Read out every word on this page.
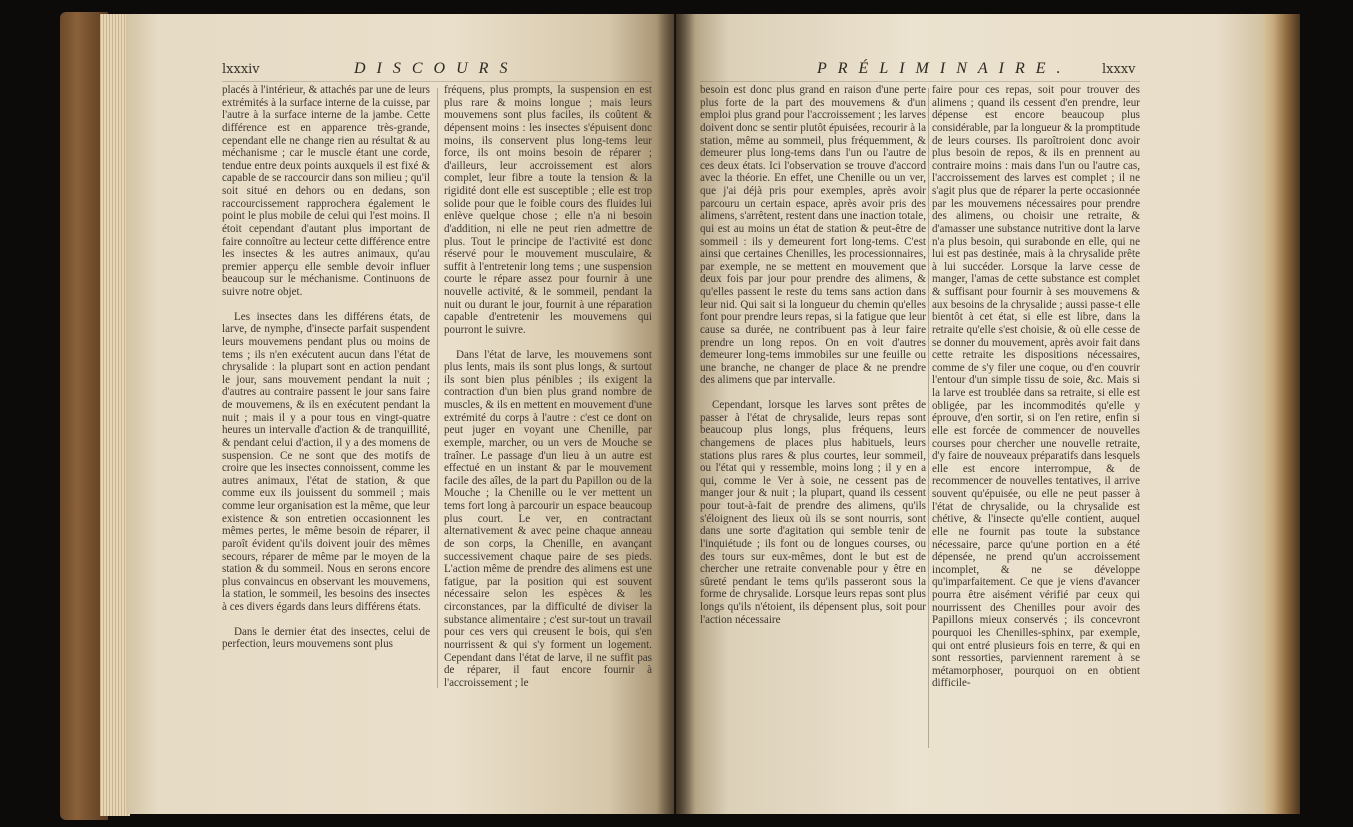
lxxxiv	DISCOURS	PRÉLIMINAIRE. lxxxv

placés à l'intérieur, & attachés par une de leurs extrémités à la surface interne de la cuisse, par l'autre à la surface interne de la jambe. Cette différence est en apparence très-grande, cependant elle ne change rien au résultat & au méchanisme ; car le muscle étant une corde, tendue entre deux points auxquels il est fixé & capable de se raccourcir dans son milieu ; qu'il soit situé en dehors ou en dedans, son raccourcissement rapprochera également le point le plus mobile de celui qui l'est moins. Il étoit cependant d'autant plus important de faire connoître au lecteur cette différence entre les insectes & les autres animaux, qu'au premier apperçu elle semble devoir influer beaucoup sur le méchanisme. Continuons de suivre notre objet.

Les insectes dans les différens états, de larve, de nymphe, d'insecte parfait suspendent leurs mouvemens pendant plus ou moins de tems ; ils n'en exécutent aucun dans l'état de chrysalide : la plupart sont en action pendant le jour, sans mouvement pendant la nuit ; d'autres au contraire passent le jour sans faire de mouvemens, & ils en exécutent pendant la nuit ; mais il y a pour tous en vingt-quatre heures un intervalle d'action & de tranquillité, & pendant celui d'action, il y a des momens de suspension. Ce ne sont que des motifs de croire que les insectes connoissent, comme les autres animaux, l'état de station, & que comme eux ils jouissent du sommeil ; mais comme leur organisation est la même, que leur existence & son entretien occasionnent les mêmes pertes, le même besoin de réparer, il paroît évident qu'ils doivent jouir des mêmes secours, réparer de même par le moyen de la station & du sommeil. Nous en serons encore plus convaincus en observant les mouvemens, la station, le sommeil, les besoins des insectes à ces divers égards dans leurs différens états.

Dans le dernier état des insectes, celui de perfection, leurs mouvemens sont plus

fréquens, plus prompts, la suspension en est plus rare & moins longue ; mais leurs mouvemens sont plus faciles, ils coûtent & dépensent moins : les insectes s'épuisent donc moins, ils conservent plus long-tems leur force, ils ont moins besoin de réparer ; d'ailleurs, leur accroissement est alors complet, leur fibre a toute la tension & la rigidité dont elle est susceptible ; elle est trop solide pour que le foible cours des fluides lui enlève quelque chose ; elle n'a ni besoin d'addition, ni elle ne peut rien admettre de plus. Tout le principe de l'activité est donc réservé pour le mouvement musculaire, & suffit à l'entretenir long tems ; une suspension courte le répare assez pour fournir à une nouvelle activité, & le sommeil, pendant la nuit ou durant le jour, fournit à une réparation capable d'entretenir les mouvemens qui pourront le suivre.

Dans l'état de larve, les mouvemens sont plus lents, mais ils sont plus longs, & surtout ils sont bien plus pénibles ; ils exigent la contraction d'un bien plus grand nombre de muscles, & ils en mettent en mouvement d'une extrémité du corps à l'autre : c'est ce dont on peut juger en voyant une Chenille, par exemple, marcher, ou un vers de Mouche se traîner. Le passage d'un lieu à un autre est effectué en un instant & par le mouvement facile des aîles, de la part du Papillon ou de la Mouche ; la Chenille ou le ver mettent un tems fort long à parcourir un espace beaucoup plus court. Le ver, en contractant alternativement & avec peine chaque anneau de son corps, la Chenille, en avançant successivement chaque paire de ses pieds. L'action même de prendre des alimens est une fatigue, par la position qui est souvent nécessaire selon les espèces & les circonstances, par la difficulté de diviser la substance alimentaire ; c'est sur-tout un travail pour ces vers qui creusent le bois, qui s'en nourrissent & qui s'y forment un logement. Cependant dans l'état de larve, il ne suffit pas de réparer, il faut encore fournir à l'accroissement ; le

besoin est donc plus grand en raison d'une perte plus forte de la part des mouvemens & d'un emploi plus grand pour l'accroissement ; les larves doivent donc se sentir plutôt épuisées, recourir à la station, même au sommeil, plus fréquemment, & demeurer plus long-tems dans l'un ou l'autre de ces deux états. Ici l'observation se trouve d'accord avec la théorie. En effet, une Chenille ou un ver, que j'ai déjà pris pour exemples, après avoir parcouru un certain espace, après avoir pris des alimens, s'arrêtent, restent dans une inaction totale, qui est au moins un état de station & peut-être de sommeil : ils y demeurent fort long-tems. C'est ainsi que certaines Chenilles, les processionnaires, par exemple, ne se mettent en mouvement que deux fois par jour pour prendre des alimens, & qu'elles passent le reste du tems sans action dans leur nid. Qui sait si la longueur du chemin qu'elles font pour prendre leurs repas, si la fatigue que leur cause sa durée, ne contribuent pas à leur faire prendre un long repos. On en voit d'autres demeurer long-tems immobiles sur une feuille ou une branche, ne changer de place & ne prendre des alimens que par intervalle.

Cependant, lorsque les larves sont prêtes de passer à l'état de chrysalide, leurs repas sont beaucoup plus longs, plus fréquens, leurs changemens de places plus habituels, leurs stations plus rares & plus courtes, leur sommeil, ou l'état qui y ressemble, moins long ; il y en a qui, comme le Ver à soie, ne cessent pas de manger jour & nuit ; la plupart, quand ils cessent pour tout-à-fait de prendre des alimens, qu'ils s'éloignent des lieux où ils se sont nourris, sont dans une sorte d'agitation qui semble tenir de l'inquiétude ; ils font ou de longues courses, ou des tours sur eux-mêmes, dont le but est de chercher une retraite convenable pour y être en sûreté pendant le tems qu'ils passeront sous la forme de chrysalide. Lorsque leurs repas sont plus longs qu'ils n'étoient, ils dépensent plus, soit pour l'action nécessaire

faire pour ces repas, soit pour trouver des alimens ; quand ils cessent d'en prendre, leur dépense est encore beaucoup plus considérable, par la longueur & la promptitude de leurs courses. Ils paroîtroient donc avoir plus besoin de repos, & ils en prennent au contraire moins : mais dans l'un ou l'autre cas, l'accroissement des larves est complet ; il ne s'agit plus que de réparer la perte occasionnée par les mouvemens nécessaires pour prendre des alimens, ou choisir une retraite, & d'amasser une substance nutritive dont la larve n'a plus besoin, qui surabonde en elle, qui ne lui est pas destinée, mais à la chrysalide prête à lui succéder. Lorsque la larve cesse de manger, l'amas de cette substance est complet & suffisant pour fournir à ses mouvemens & aux besoins de la chrysalide ; aussi passe-t elle bientôt à cet état, si elle est libre, dans la retraite qu'elle s'est choisie, & où elle cesse de se donner du mouvement, après avoir fait dans cette retraite les dispositions nécessaires, comme de s'y filer une coque, ou d'en couvrir l'entour d'un simple tissu de soie, &c. Mais si la larve est troublée dans sa retraite, si elle est obligée, par les incommodités qu'elle y éprouve, d'en sortir, si on l'en retire, enfin si elle est forcée de commencer de nouvelles courses pour chercher une nouvelle retraite, d'y faire de nouveaux préparatifs dans lesquels elle est encore interrompue, & de recommencer de nouvelles tentatives, il arrive souvent qu'épuisée, ou elle ne peut passer à l'état de chrysalide, ou la chrysalide est chétive, & l'insecte qu'elle contient, auquel elle ne fournit pas toute la substance nécessaire, parce qu'une portion en a été dépensée, ne prend qu'un accroissement incomplet, & ne se développe qu'imparfaitement. Ce que je viens d'avancer pourra être aisément vérifié par ceux qui nourrissent des Chenilles pour avoir des Papillons mieux conservés ; ils concevront pourquoi les Chenilles-sphinx, par exemple, qui ont entré plusieurs fois en terre, & qui en sont ressorties, parviennent rarement à se métamorphoser, pourquoi on en obtient difficile-
